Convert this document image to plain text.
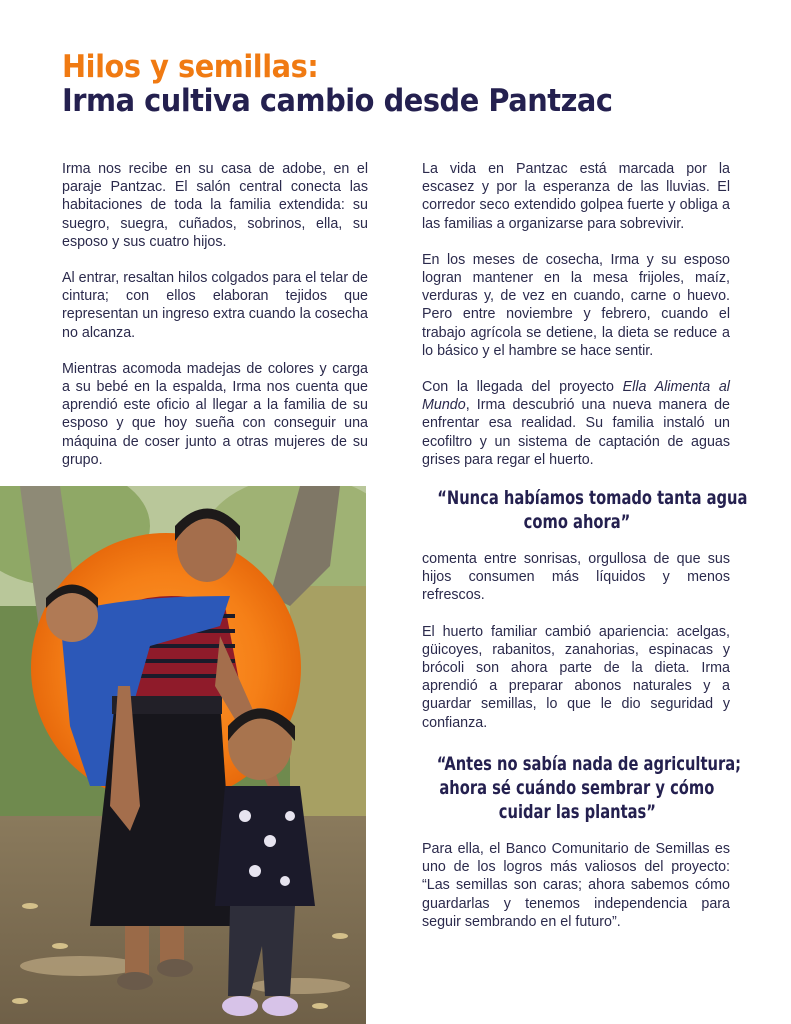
Hilos y semillas:
Irma cultiva cambio desde Pantzac

Irma nos recibe en su casa de adobe, en el paraje Pantzac. El salón central conecta las habitaciones de toda la familia extendida: su suegro, suegra, cuñados, sobrinos, ella, su esposo y sus cuatro hijos.

Al entrar, resaltan hilos colgados para el telar de cintura; con ellos elaboran tejidos que representan un ingreso extra cuando la cosecha no alcanza.

Mientras acomoda madejas de colores y carga a su bebé en la espalda, Irma nos cuenta que aprendió este oficio al llegar a la familia de su esposo y que hoy sueña con conseguir una máquina de coser junto a otras mujeres de su grupo.

La vida en Pantzac está marcada por la escasez y por la esperanza de las lluvias. El corredor seco extendido golpea fuerte y obliga a las familias a organizarse para sobrevivir.

En los meses de cosecha, Irma y su esposo logran mantener en la mesa frijoles, maíz, verduras y, de vez en cuando, carne o huevo. Pero entre noviembre y febrero, cuando el trabajo agrícola se detiene, la dieta se reduce a lo básico y el hambre se hace sentir.

Con la llegada del proyecto Ella Alimenta al Mundo, Irma descubrió una nueva manera de enfrentar esa realidad. Su familia instaló un ecofiltro y un sistema de captación de aguas grises para regar el huerto.

“Nunca habíamos tomado tanta agua
como ahora”

comenta entre sonrisas, orgullosa de que sus hijos consumen más líquidos y menos refrescos.

El huerto familiar cambió apariencia: acelgas, güicoyes, rabanitos, zanahorias, espinacas y brócoli son ahora parte de la dieta. Irma aprendió a preparar abonos naturales y a guardar semillas, lo que le dio seguridad y confianza.

“Antes no sabía nada de agricultura;
ahora sé cuándo sembrar y cómo
cuidar las plantas”

Para ella, el Banco Comunitario de Semillas es uno de los logros más valiosos del proyecto: “Las semillas son caras; ahora sabemos cómo guardarlas y tenemos independencia para seguir sembrando en el futuro”.
